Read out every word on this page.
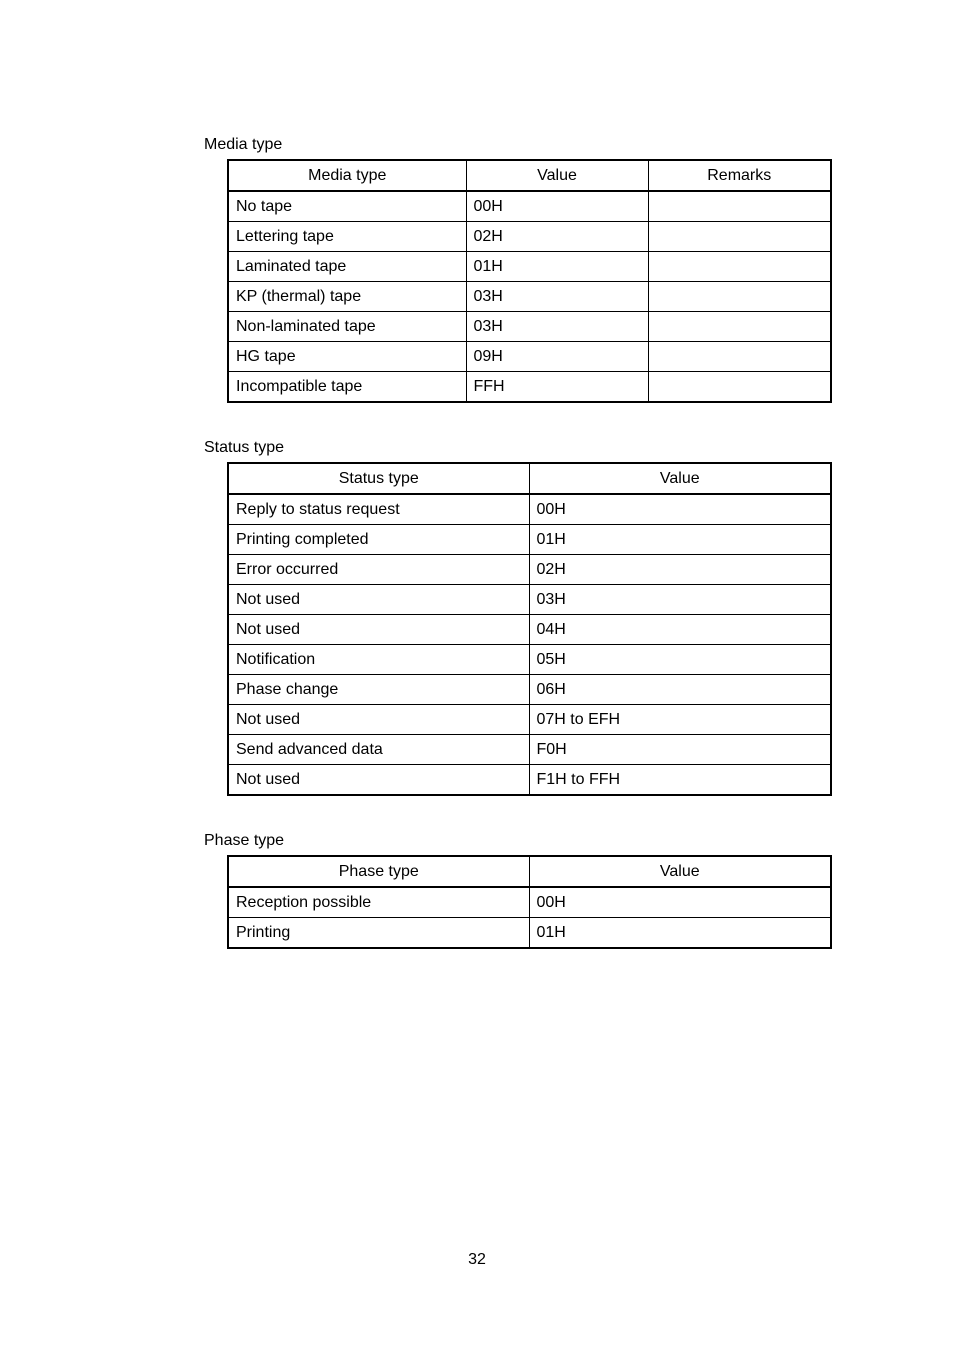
Media type
Media type	Value	Remarks
No tape	00H	
Lettering tape	02H	
Laminated tape	01H	
KP (thermal) tape	03H	
Non-laminated tape	03H	
HG tape	09H	
Incompatible tape	FFH	
Status type
Status type	Value
Reply to status request	00H
Printing completed	01H
Error occurred	02H
Not used	03H
Not used	04H
Notification	05H
Phase change	06H
Not used	07H to EFH
Send advanced data	F0H
Not used	F1H to FFH
Phase type
Phase type	Value
Reception possible	00H
Printing	01H
32
